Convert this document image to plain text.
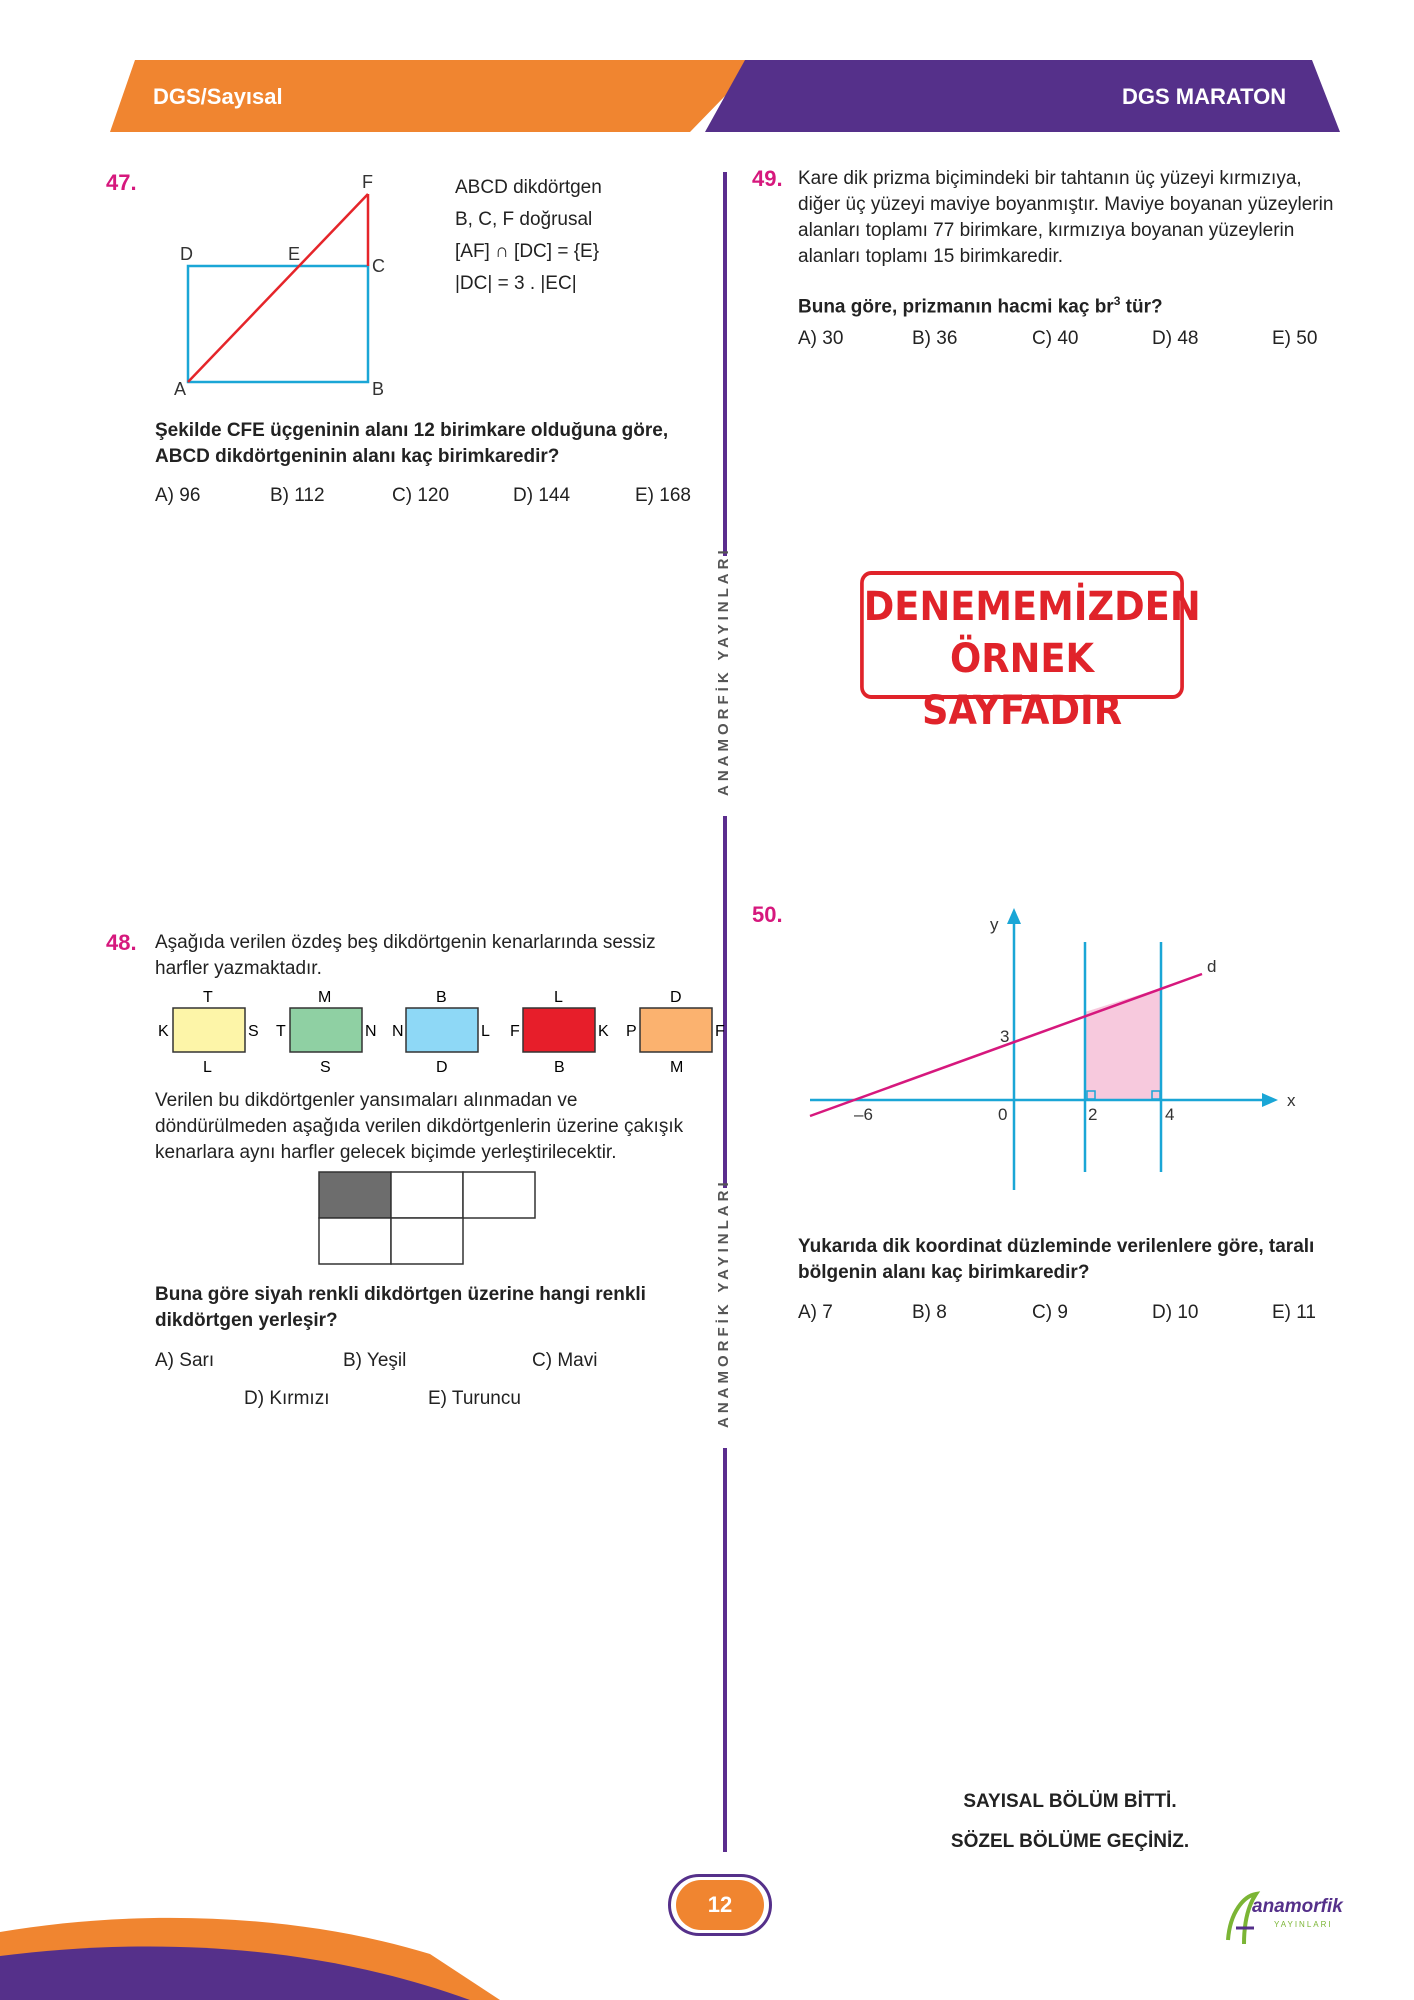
DGS/Sayısal	DGS MARATON
ANAMORFİK YAYINLARI
ANAMORFİK YAYINLARI
47.
A	B
C
D	E
F	ABCD dikdörtgen
B, C, F doğrusal
[AF] ∩ [DC] = {E}
|DC| = 3 . |EC|
Şekilde CFE üçgeninin alanı 12 birimkare olduğuna göre, ABCD dikdörtgeninin alanı kaç birimkaredir?
A) 96	B) 112	C) 120	D) 144	E) 168
48. Aşağıda verilen özdeş beş dikdörtgenin kenarlarında sessiz harfler yazmaktadır.
T
L
K	S
M
S
T	N
B
D
N	L
L
B
F	K
D
M
P	F
Verilen bu dikdörtgenler yansımaları alınmadan ve döndürülmeden aşağıda verilen dikdörtgenlerin üzerine çakışık kenarlara aynı harfler gelecek biçimde yerleştirilecektir.
Buna göre siyah renkli dikdörtgen üzerine hangi renkli dikdörtgen yerleşir?
A) Sarı	B) Yeşil	C) Mavi
D) Kırmızı	E) Turuncu
49. Kare dik prizma biçimindeki bir tahtanın üç yüzeyi kırmızıya, diğer üç yüzeyi maviye boyanmıştır. Maviye boyanan yüzeylerin alanları toplamı 77 birimkare, kırmızıya boyanan yüzeylerin alanları toplamı 15 birimkaredir.
Buna göre, prizmanın hacmi kaç $br^3$ tür?
A) 30	B) 36	C) 40	D) 48	E) 50
DENEMEMİZDEN
ÖRNEK SAYFADIR
50.	y
x
d
3
–6	0	2	4
Yukarıda dik koordinat düzleminde verilenlere göre, taralı bölgenin alanı kaç birimkaredir?
A) 7	B) 8	C) 9	D) 10	E) 11
SAYISAL BÖLÜM BİTTİ.
SÖZEL BÖLÜME GEÇİNİZ.
12	anamorfik
YAYINLARI
